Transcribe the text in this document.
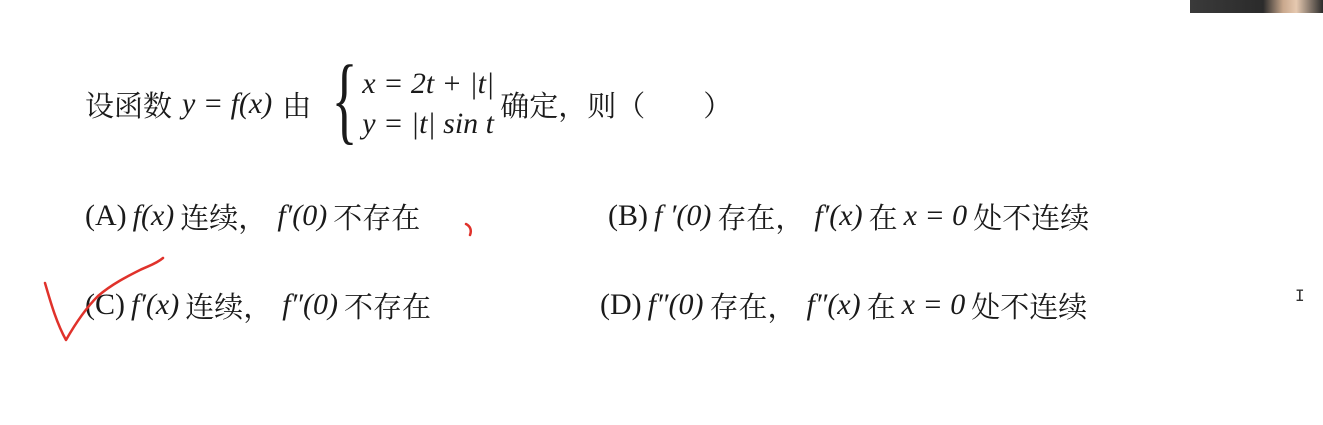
设函数 y = f(x) 由 { x = 2t + |t|
y = |t| sin t
确定，则（　　）
(A) f(x) 连续， f′(0) 不存在	(B) f ′(0) 存在， f′(x) 在 x = 0 处不连续
(C) f′(x) 连续， f″(0) 不存在	(D) f″(0) 存在， f″(x) 在 x = 0 处不连续	I
